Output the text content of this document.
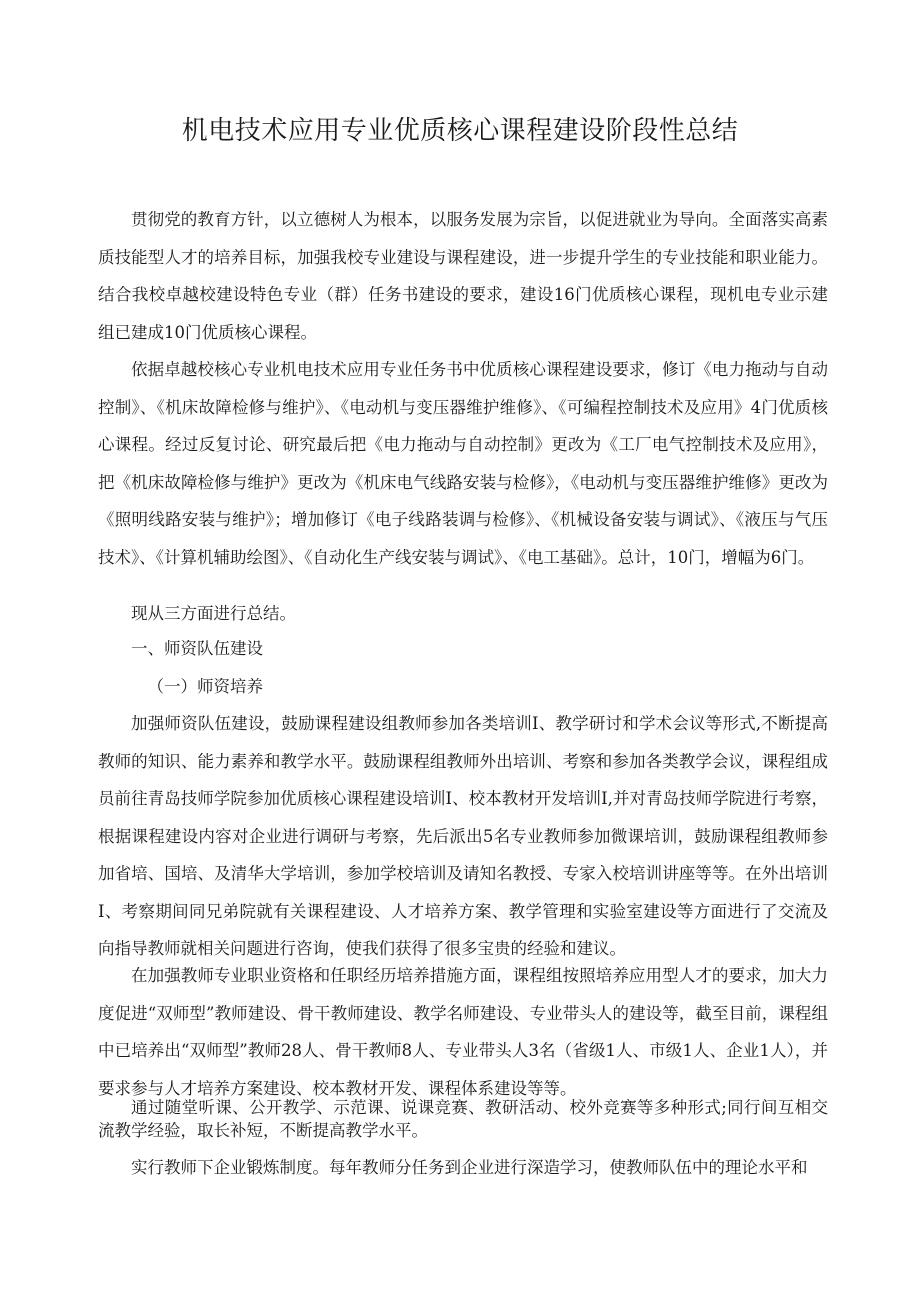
机电技术应用专业优质核心课程建设阶段性总结

贯彻党的教育方针，以立德树人为根本，以服务发展为宗旨，以促进就业为导向。全面落实高素质技能型人才的培养目标，加强我校专业建设与课程建设，进一步提升学生的专业技能和职业能力。结合我校卓越校建设特色专业（群）任务书建设的要求，建设16门优质核心课程，现机电专业示建组已建成10门优质核心课程。

依据卓越校核心专业机电技术应用专业任务书中优质核心课程建设要求，修订《电力拖动与自动控制》、《机床故障检修与维护》、《电动机与变压器维护维修》、《可编程控制技术及应用》4门优质核心课程。经过反复讨论、研究最后把《电力拖动与自动控制》更改为《工厂电气控制技术及应用》，把《机床故障检修与维护》更改为《机床电气线路安装与检修》，《电动机与变压器维护维修》更改为《照明线路安装与维护》；增加修订《电子线路装调与检修》、《机械设备安装与调试》、《液压与气压技术》、《计算机辅助绘图》、《自动化生产线安装与调试》、《电工基础》。总计，10门，增幅为6门。

现从三方面进行总结。

一、师资队伍建设

（一）师资培养

加强师资队伍建设，鼓励课程建设组教师参加各类培训I、教学研讨和学术会议等形式,不断提高教师的知识、能力素养和教学水平。鼓励课程组教师外出培训、考察和参加各类教学会议，课程组成员前往青岛技师学院参加优质核心课程建设培训I、校本教材开发培训I,并对青岛技师学院进行考察，根据课程建设内容对企业进行调研与考察，先后派出5名专业教师参加微课培训，鼓励课程组教师参加省培、国培、及清华大学培训，参加学校培训及请知名教授、专家入校培训讲座等等。在外出培训I、考察期间同兄弟院就有关课程建设、人才培养方案、教学管理和实验室建设等方面进行了交流及向指导教师就相关问题进行咨询，使我们获得了很多宝贵的经验和建议。

在加强教师专业职业资格和任职经历培养措施方面，课程组按照培养应用型人才的要求，加大力度促进“双师型”教师建设、骨干教师建设、教学名师建设、专业带头人的建设等，截至目前，课程组中已培养出“双师型”教师28人、骨干教师8人、专业带头人3名（省级1人、市级1人、企业1人），并要求参与人才培养方案建设、校本教材开发、课程体系建设等等。

通过随堂听课、公开教学、示范课、说课竞赛、教研活动、校外竞赛等多种形式;同行间互相交流教学经验，取长补短，不断提高教学水平。

实行教师下企业锻炼制度。每年教师分任务到企业进行深造学习，使教师队伍中的理论水平和
